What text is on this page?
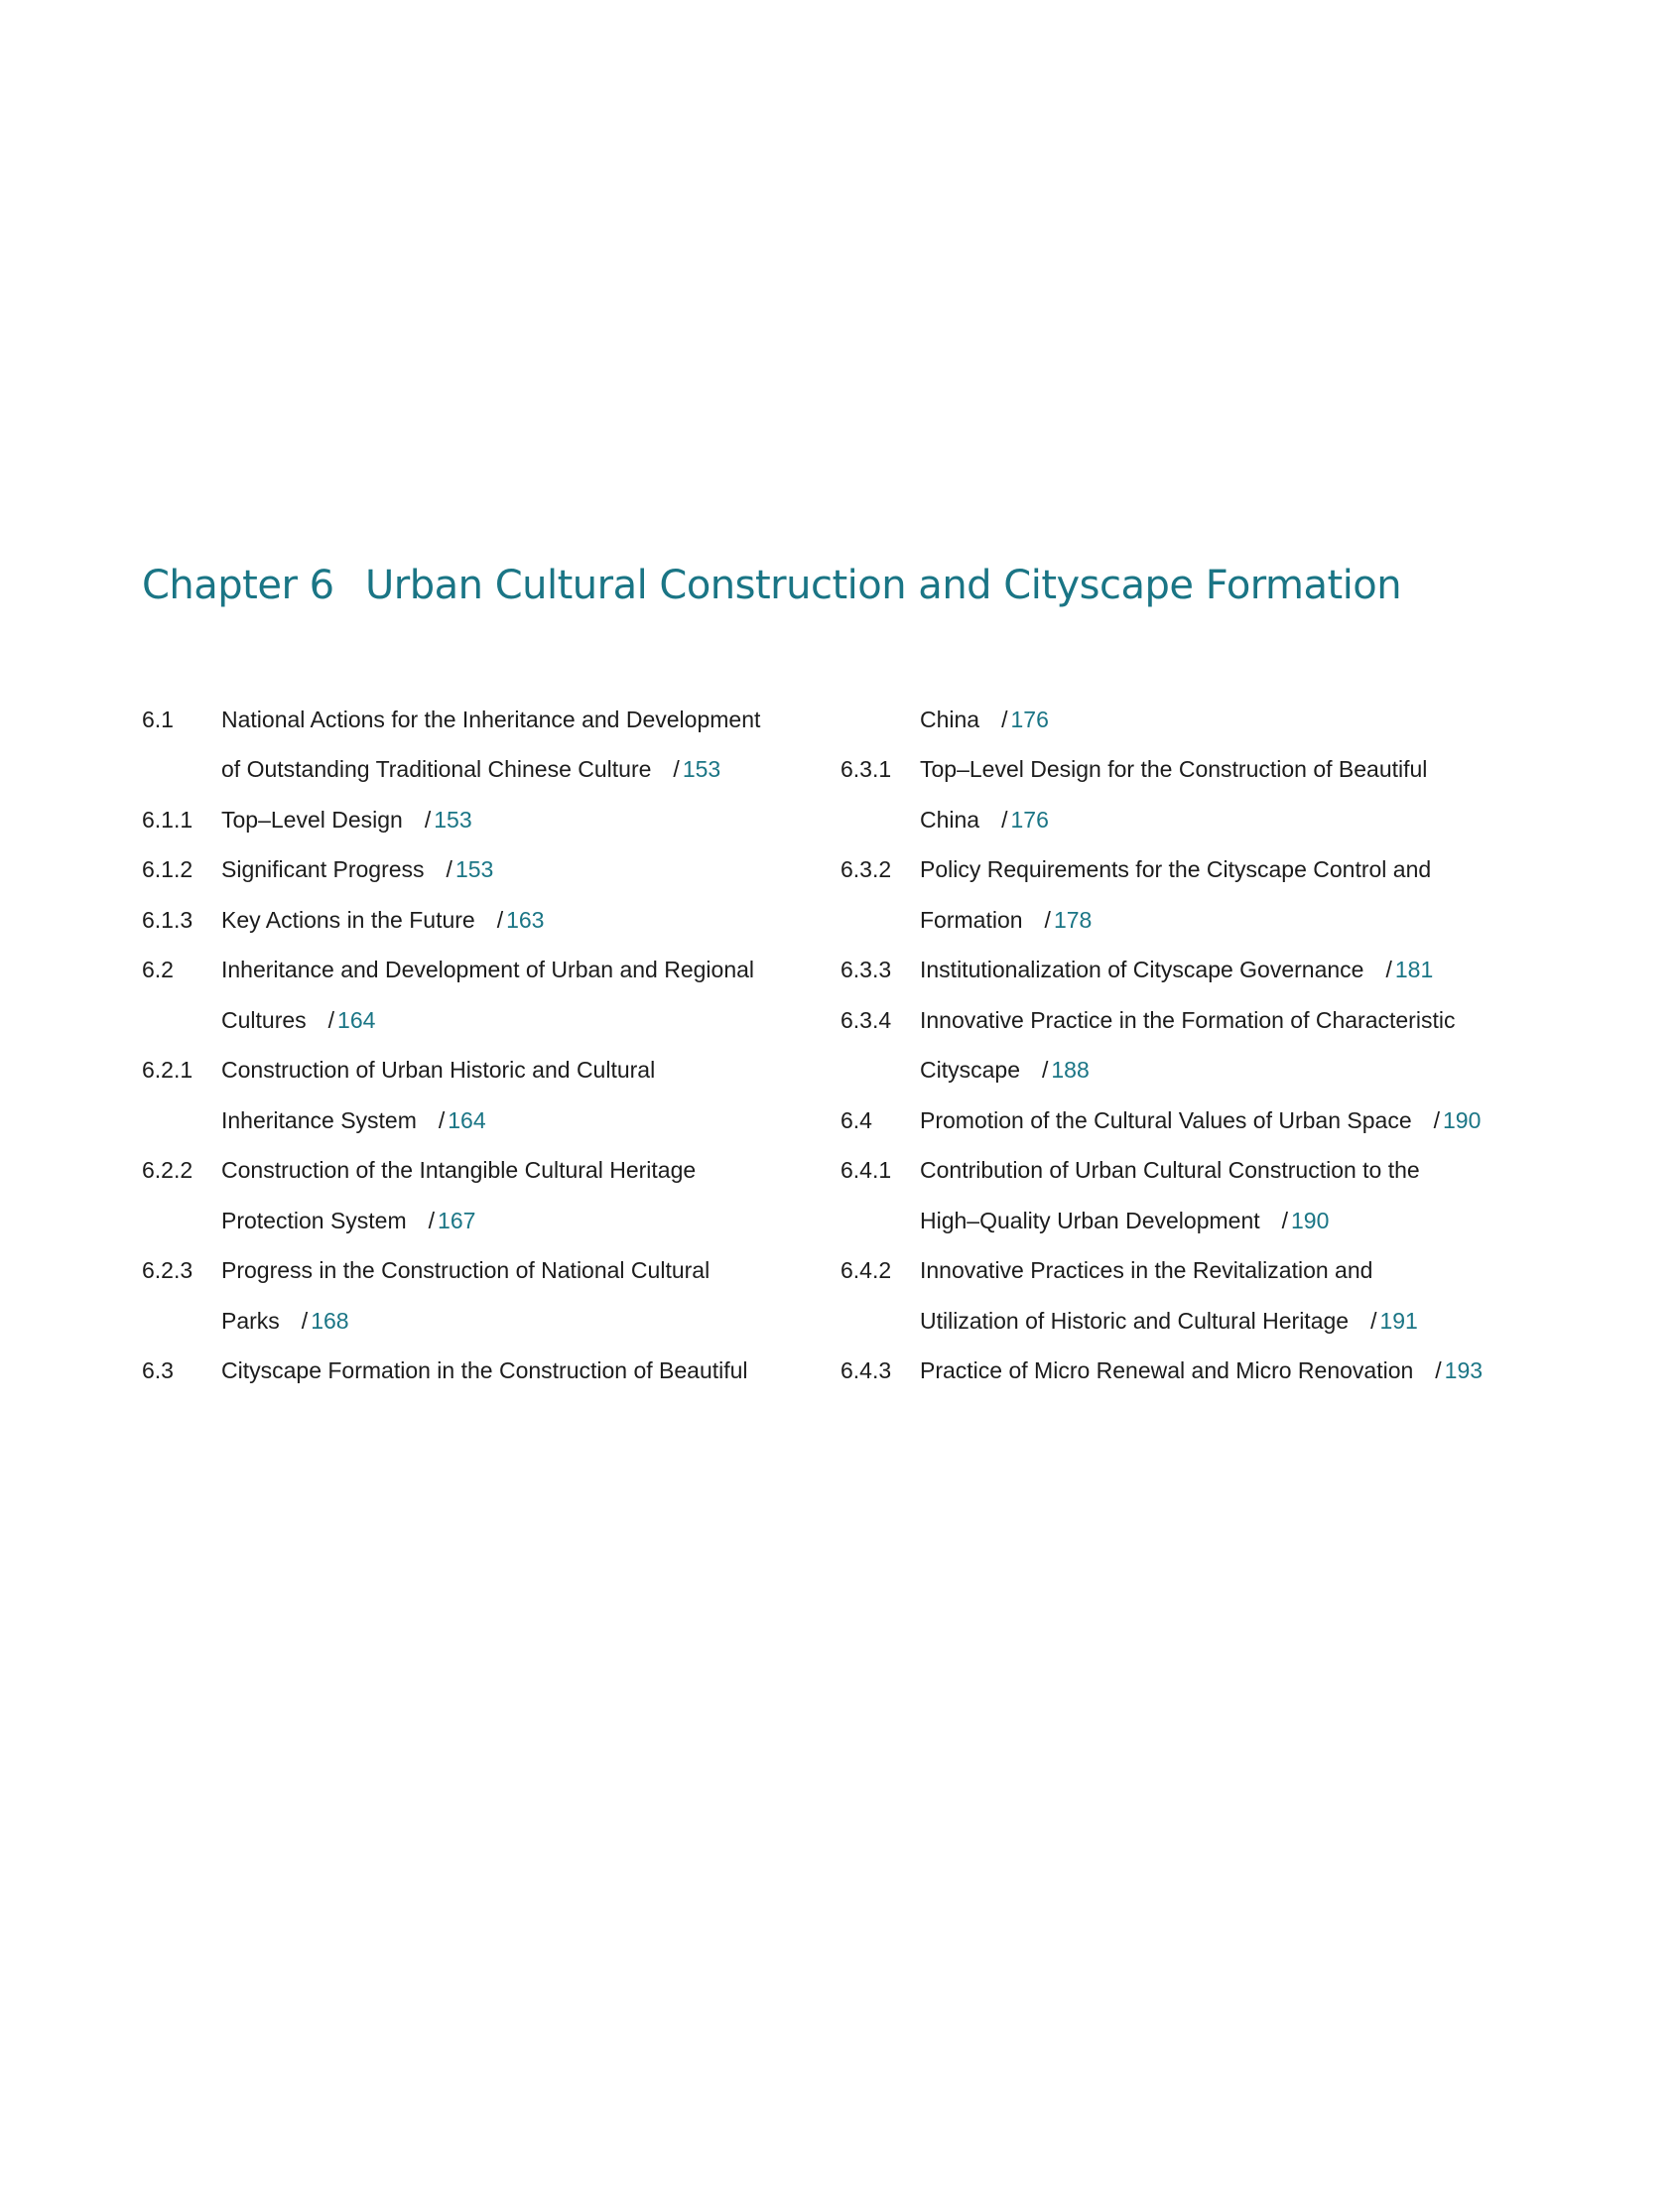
Chapter 6 Urban Cultural Construction and Cityscape Formation
6.1	National Actions for the Inheritance and Development
of Outstanding Traditional Chinese Culture / 153
6.1.1	Top–Level Design / 153
6.1.2	Significant Progress / 153
6.1.3	Key Actions in the Future / 163
6.2	Inheritance and Development of Urban and Regional
Cultures / 164
6.2.1	Construction of Urban Historic and Cultural
Inheritance System / 164
6.2.2	Construction of the Intangible Cultural Heritage
Protection System / 167
6.2.3	Progress in the Construction of National Cultural
Parks / 168
6.3	Cityscape Formation in the Construction of Beautiful
China / 176
6.3.1	Top–Level Design for the Construction of Beautiful
China / 176
6.3.2	Policy Requirements for the Cityscape Control and
Formation / 178
6.3.3	Institutionalization of Cityscape Governance / 181
6.3.4	Innovative Practice in the Formation of Characteristic
Cityscape / 188
6.4	Promotion of the Cultural Values of Urban Space / 190
6.4.1	Contribution of Urban Cultural Construction to the
High–Quality Urban Development / 190
6.4.2	Innovative Practices in the Revitalization and
Utilization of Historic and Cultural Heritage / 191
6.4.3	Practice of Micro Renewal and Micro Renovation / 193
